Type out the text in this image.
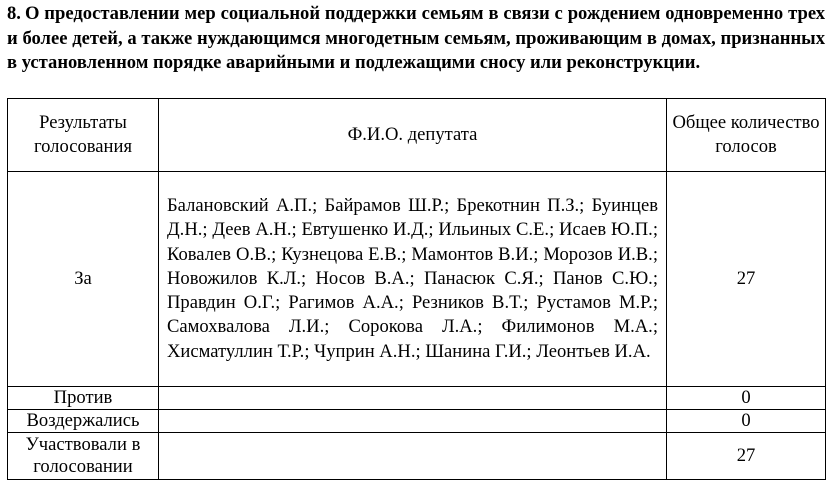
8. О предоставлении мер социальной поддержки семьям в связи с рождением одновременно трех и более детей, а также нуждающимся многодетным семьям, проживающим в домах, признанных в установленном порядке аварийными и подлежащими сносу или реконструкции.
Результаты голосования	Ф.И.О. депутата	Общее количество голосов
За	Балановский А.П.; Байрамов Ш.Р.; Брекотнин П.З.; Буинцев Д.Н.; Деев А.Н.; Евтушенко И.Д.; Ильиных С.Е.; Исаев Ю.П.; Ковалев О.В.; Кузнецова Е.В.; Мамонтов В.И.; Морозов И.В.; Новожилов К.Л.; Носов В.А.; Панасюк С.Я.; Панов С.Ю.; Правдин О.Г.; Рагимов А.А.; Резников В.Т.; Рустамов М.Р.; Самохвалова Л.И.; Сорокова Л.А.; Филимонов М.А.; Хисматуллин Т.Р.; Чуприн А.Н.; Шанина Г.И.; Леонтьев И.А.	27
Против		0
Воздержались		0
Участвовали в голосовании		27
